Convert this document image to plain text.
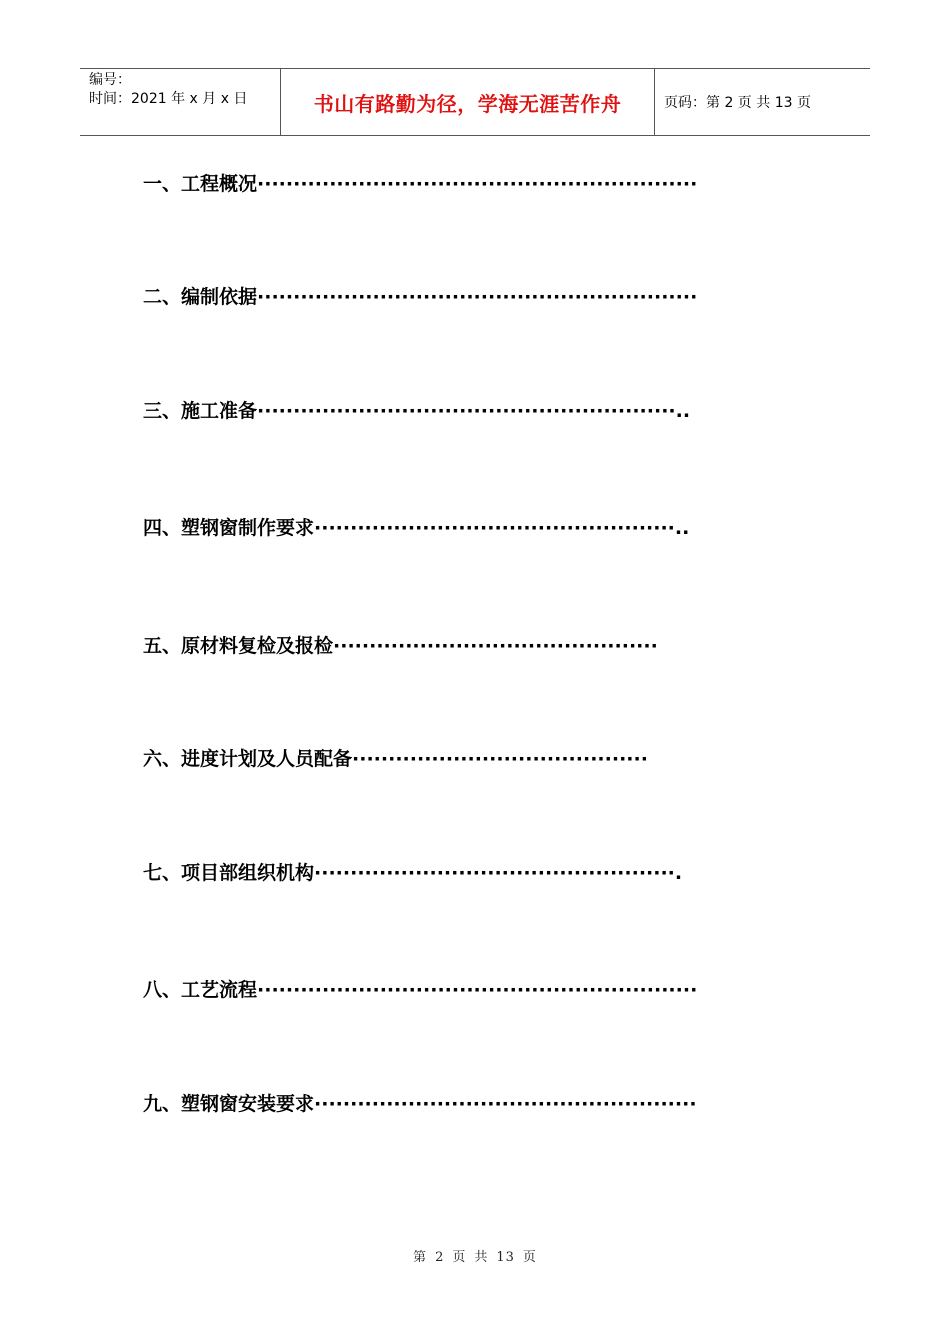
编号：
时间：2021 年 x 月 x 日	书山有路勤为径，学海无涯苦作舟	页码：第 2 页 共 13 页
一、工程概况·····························································
二、编制依据·····························································
三、施工准备··························································..
四、塑钢窗制作要求··················································..
五、原材料复检及报检·············································
六、进度计划及人员配备·········································
七、项目部组织机构··················································.
八、工艺流程·····························································
九、塑钢窗安装要求·····················································
第 2 页 共 13 页
